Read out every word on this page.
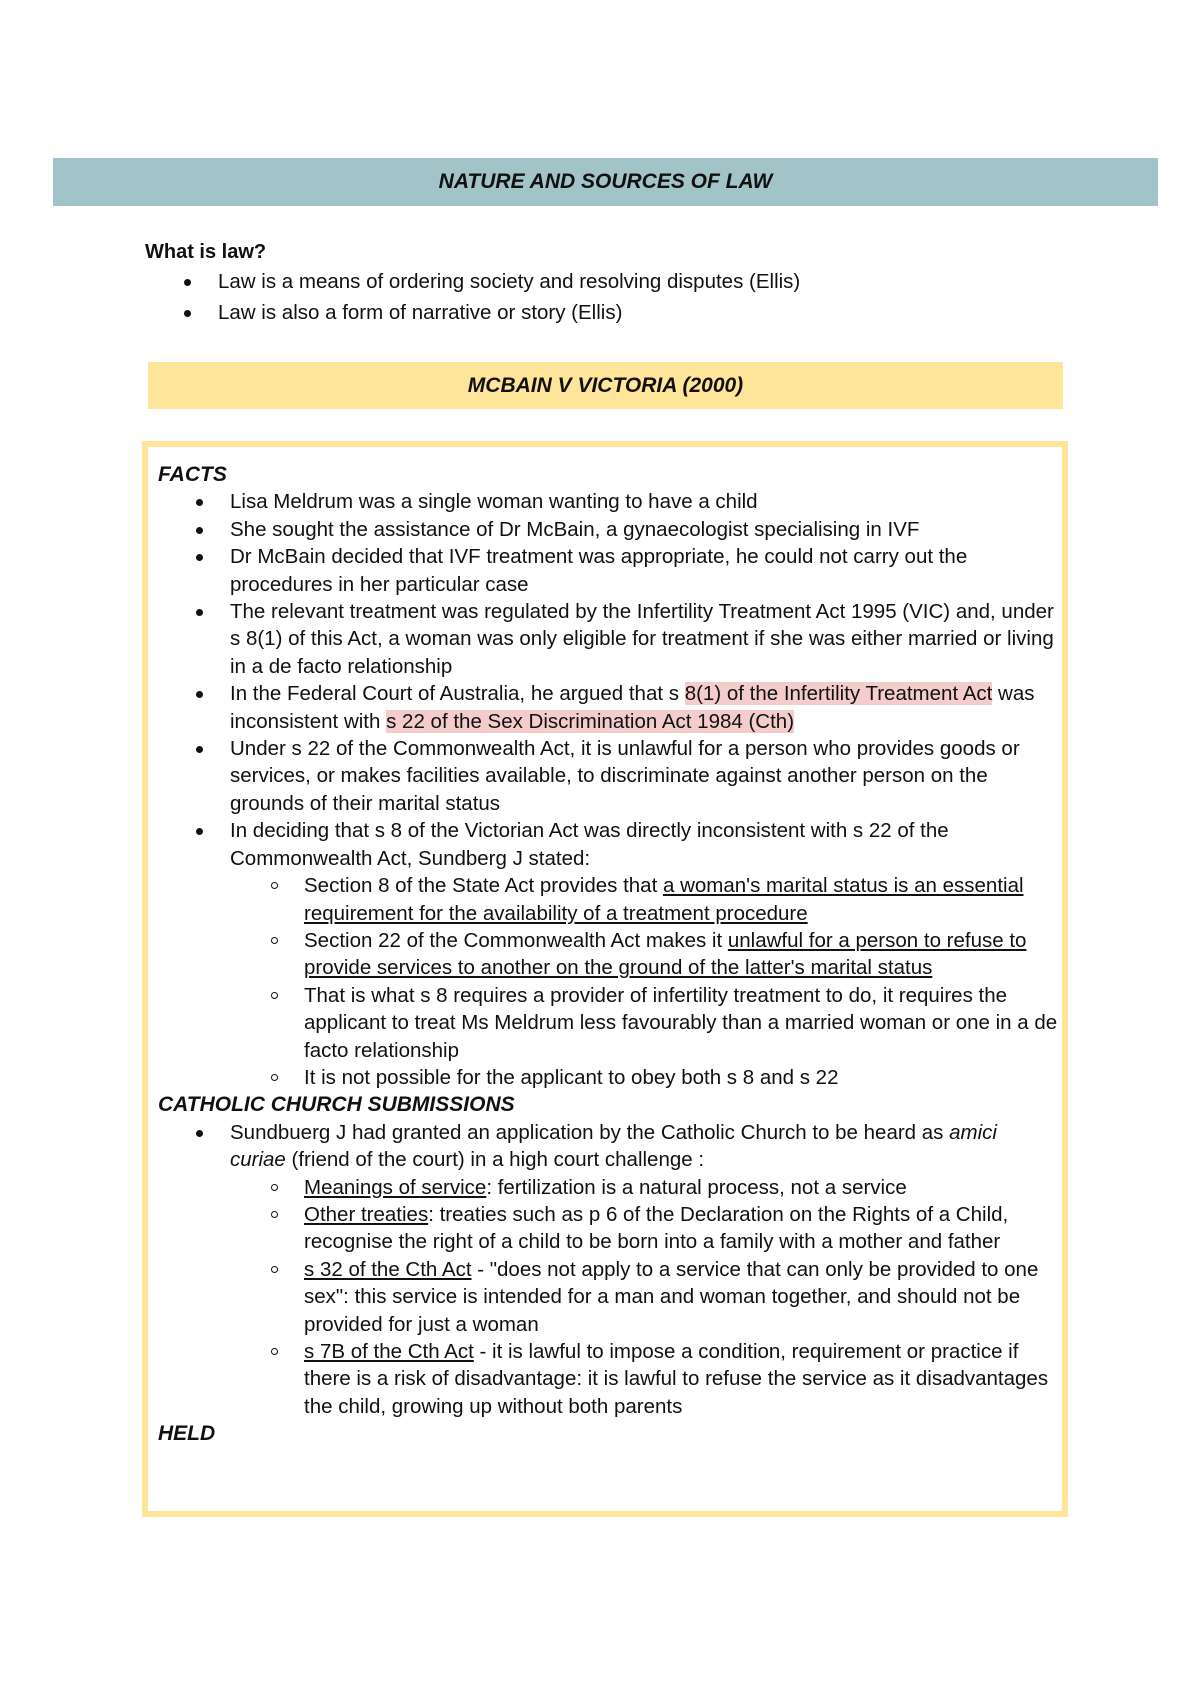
NATURE AND SOURCES OF LAW
What is law?
Law is a means of ordering society and resolving disputes (Ellis)
Law is also a form of narrative or story (Ellis)
MCBAIN V VICTORIA (2000)
FACTS
Lisa Meldrum was a single woman wanting to have a child
She sought the assistance of Dr McBain, a gynaecologist specialising in IVF
Dr McBain decided that IVF treatment was appropriate, he could not carry out the procedures in her particular case
The relevant treatment was regulated by the Infertility Treatment Act 1995 (VIC) and, under s 8(1) of this Act, a woman was only eligible for treatment if she was either married or living in a de facto relationship
In the Federal Court of Australia, he argued that s 8(1) of the Infertility Treatment Act was inconsistent with s 22 of the Sex Discrimination Act 1984 (Cth)
Under s 22 of the Commonwealth Act, it is unlawful for a person who provides goods or services, or makes facilities available, to discriminate against another person on the grounds of their marital status
In deciding that s 8 of the Victorian Act was directly inconsistent with s 22 of the Commonwealth Act, Sundberg J stated:
Section 8 of the State Act provides that a woman's marital status is an essential requirement for the availability of a treatment procedure
Section 22 of the Commonwealth Act makes it unlawful for a person to refuse to provide services to another on the ground of the latter's marital status
That is what s 8 requires a provider of infertility treatment to do, it requires the applicant to treat Ms Meldrum less favourably than a married woman or one in a de facto relationship
It is not possible for the applicant to obey both s 8 and s 22
CATHOLIC CHURCH SUBMISSIONS
Sundbuerg J had granted an application by the Catholic Church to be heard as amici curiae (friend of the court) in a high court challenge :
Meanings of service: fertilization is a natural process, not a service
Other treaties: treaties such as p 6 of the Declaration on the Rights of a Child, recognise the right of a child to be born into a family with a mother and father
s 32 of the Cth Act - "does not apply to a service that can only be provided to one sex": this service is intended for a man and woman together, and should not be provided for just a woman
s 7B of the Cth Act - it is lawful to impose a condition, requirement or practice if there is a risk of disadvantage: it is lawful to refuse the service as it disadvantages the child, growing up without both parents
HELD
